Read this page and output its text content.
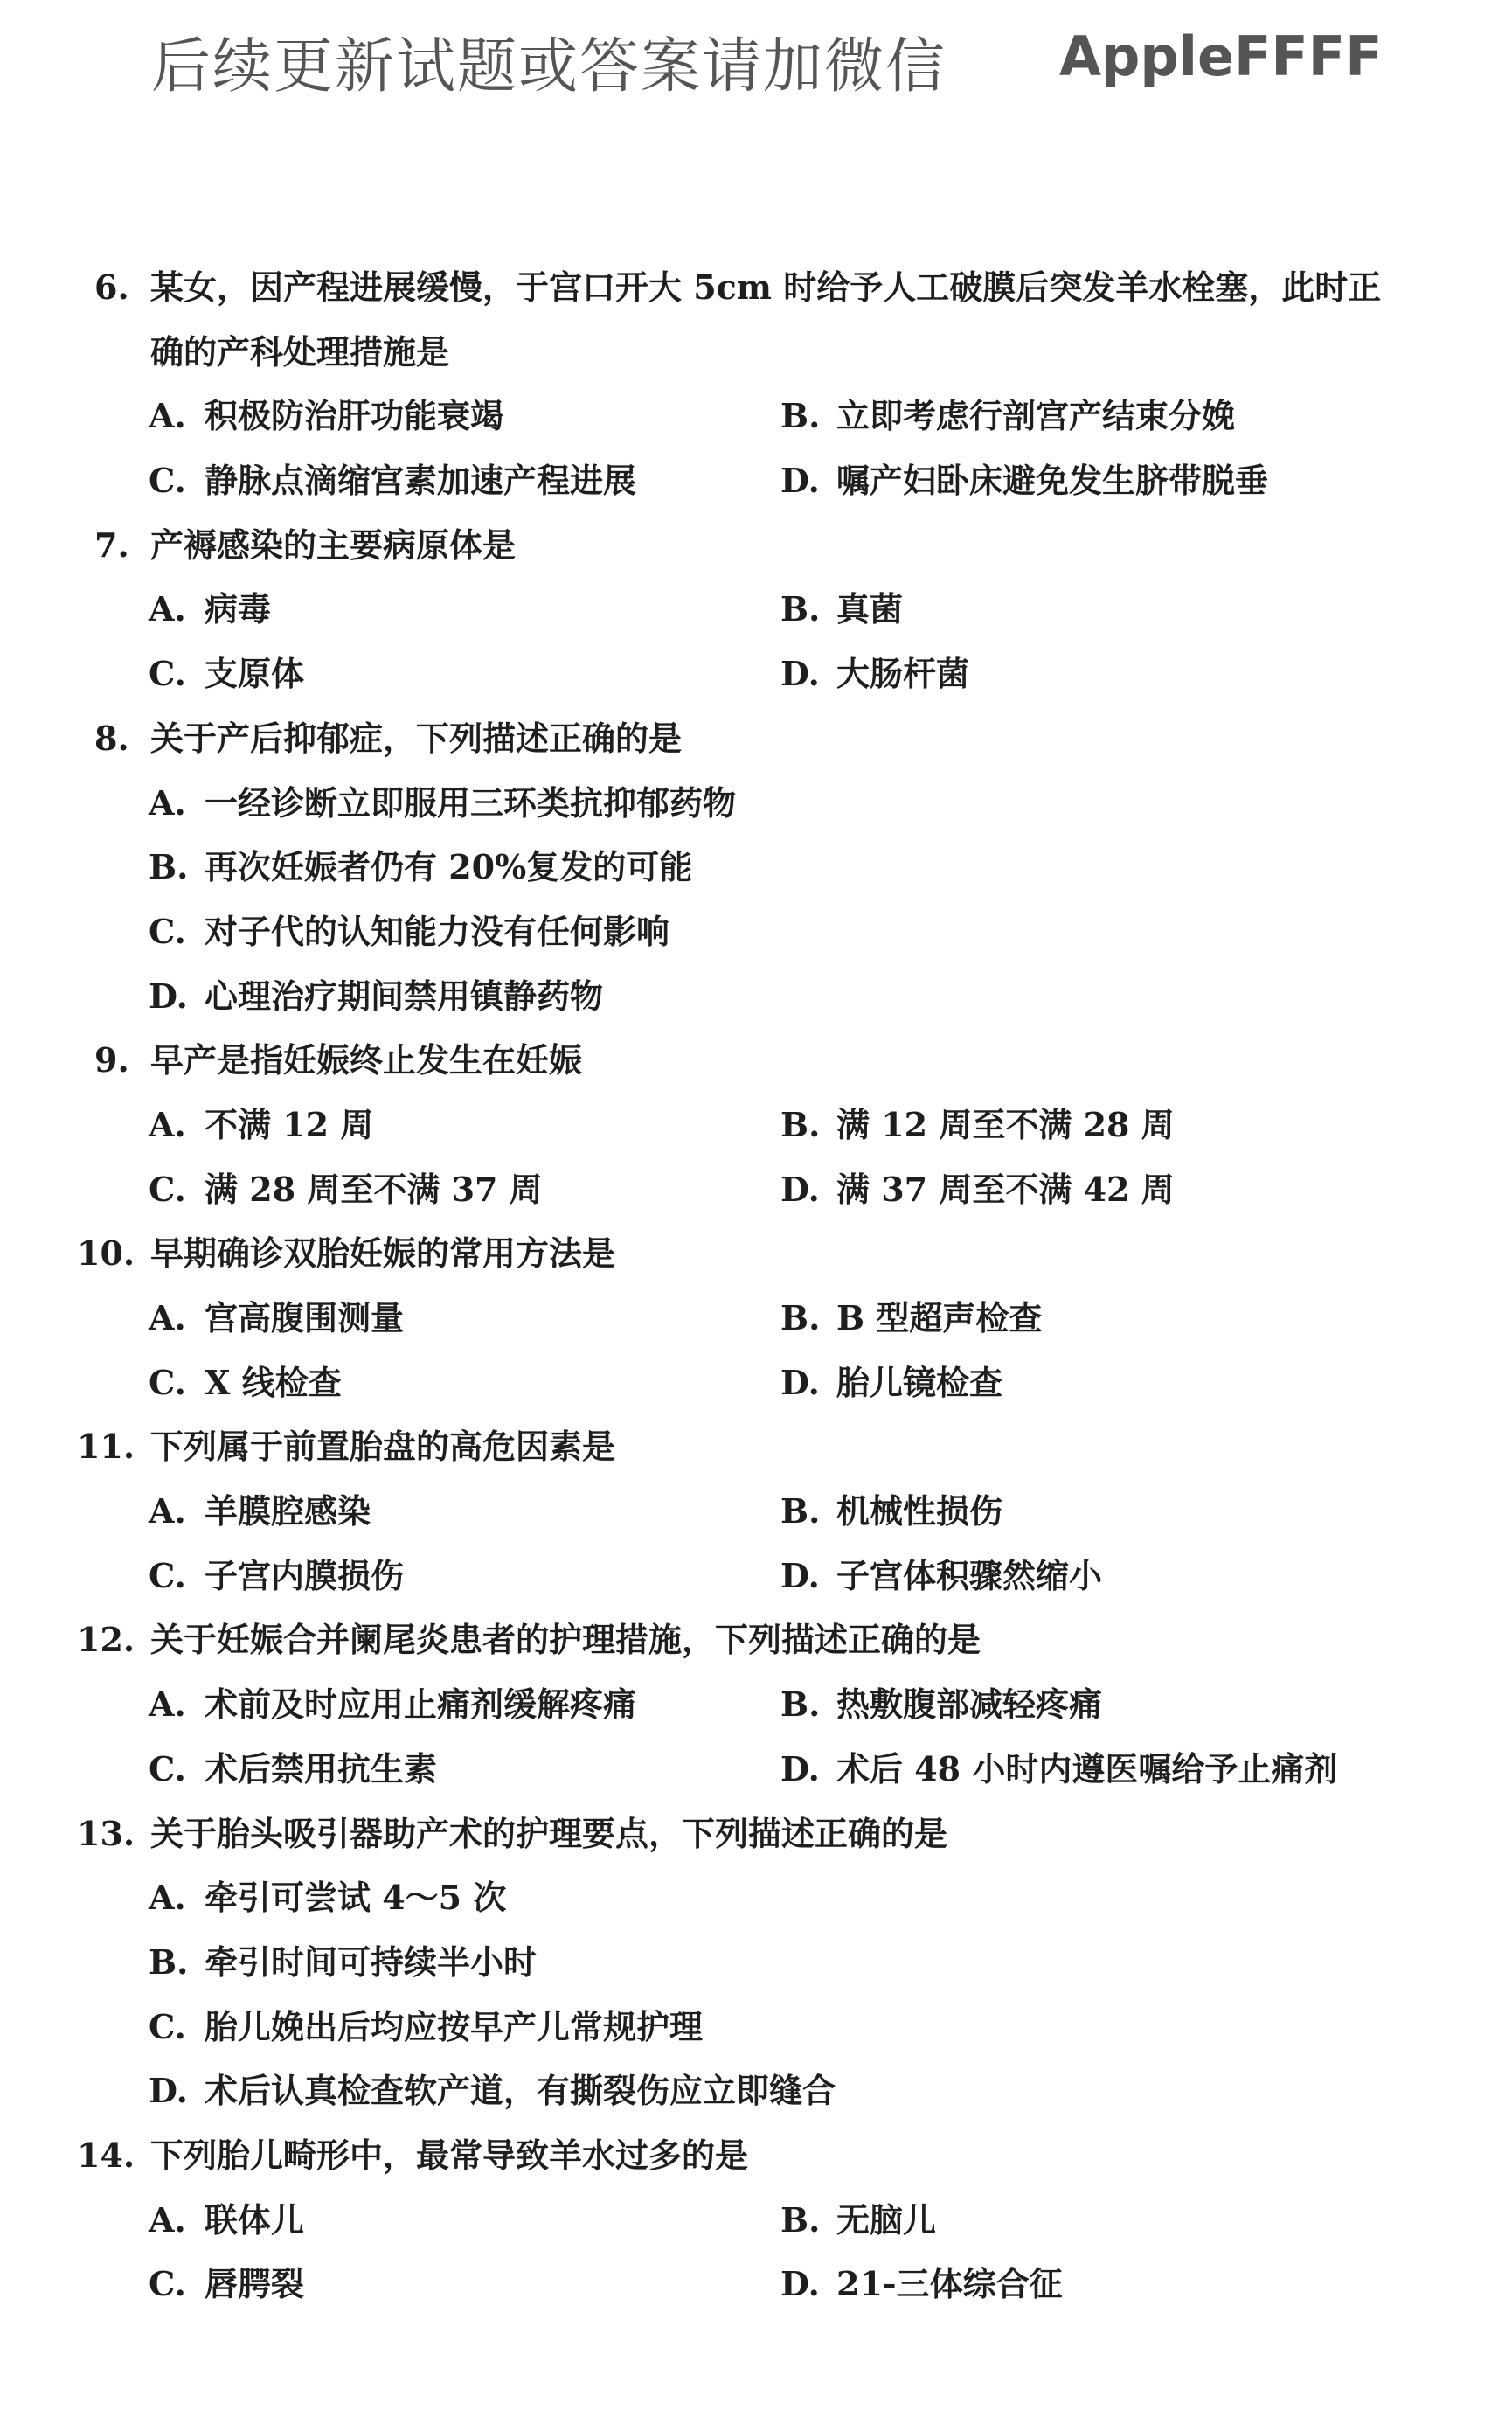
后续更新试题或答案请加微信 AppleFFFF
6. 某女，因产程进展缓慢，于宫口开大 5cm 时给予人工破膜后突发羊水栓塞，此时正
确的产科处理措施是
A. 积极防治肝功能衰竭	B. 立即考虑行剖宫产结束分娩
C. 静脉点滴缩宫素加速产程进展	D. 嘱产妇卧床避免发生脐带脱垂
7. 产褥感染的主要病原体是
A. 病毒	B. 真菌
C. 支原体	D. 大肠杆菌
8. 关于产后抑郁症，下列描述正确的是
A. 一经诊断立即服用三环类抗抑郁药物
B. 再次妊娠者仍有 20%复发的可能
C. 对子代的认知能力没有任何影响
D. 心理治疗期间禁用镇静药物
9. 早产是指妊娠终止发生在妊娠
A. 不满 12 周	B. 满 12 周至不满 28 周
C. 满 28 周至不满 37 周	D. 满 37 周至不满 42 周
10. 早期确诊双胎妊娠的常用方法是
A. 宫高腹围测量	B. B 型超声检查
C. X 线检查	D. 胎儿镜检查
11. 下列属于前置胎盘的高危因素是
A. 羊膜腔感染	B. 机械性损伤
C. 子宫内膜损伤	D. 子宫体积骤然缩小
12. 关于妊娠合并阑尾炎患者的护理措施，下列描述正确的是
A. 术前及时应用止痛剂缓解疼痛	B. 热敷腹部减轻疼痛
C. 术后禁用抗生素	D. 术后 48 小时内遵医嘱给予止痛剂
13. 关于胎头吸引器助产术的护理要点，下列描述正确的是
A. 牵引可尝试 4～5 次
B. 牵引时间可持续半小时
C. 胎儿娩出后均应按早产儿常规护理
D. 术后认真检查软产道，有撕裂伤应立即缝合
14. 下列胎儿畸形中，最常导致羊水过多的是
A. 联体儿	B. 无脑儿
C. 唇腭裂	D. 21-三体综合征
